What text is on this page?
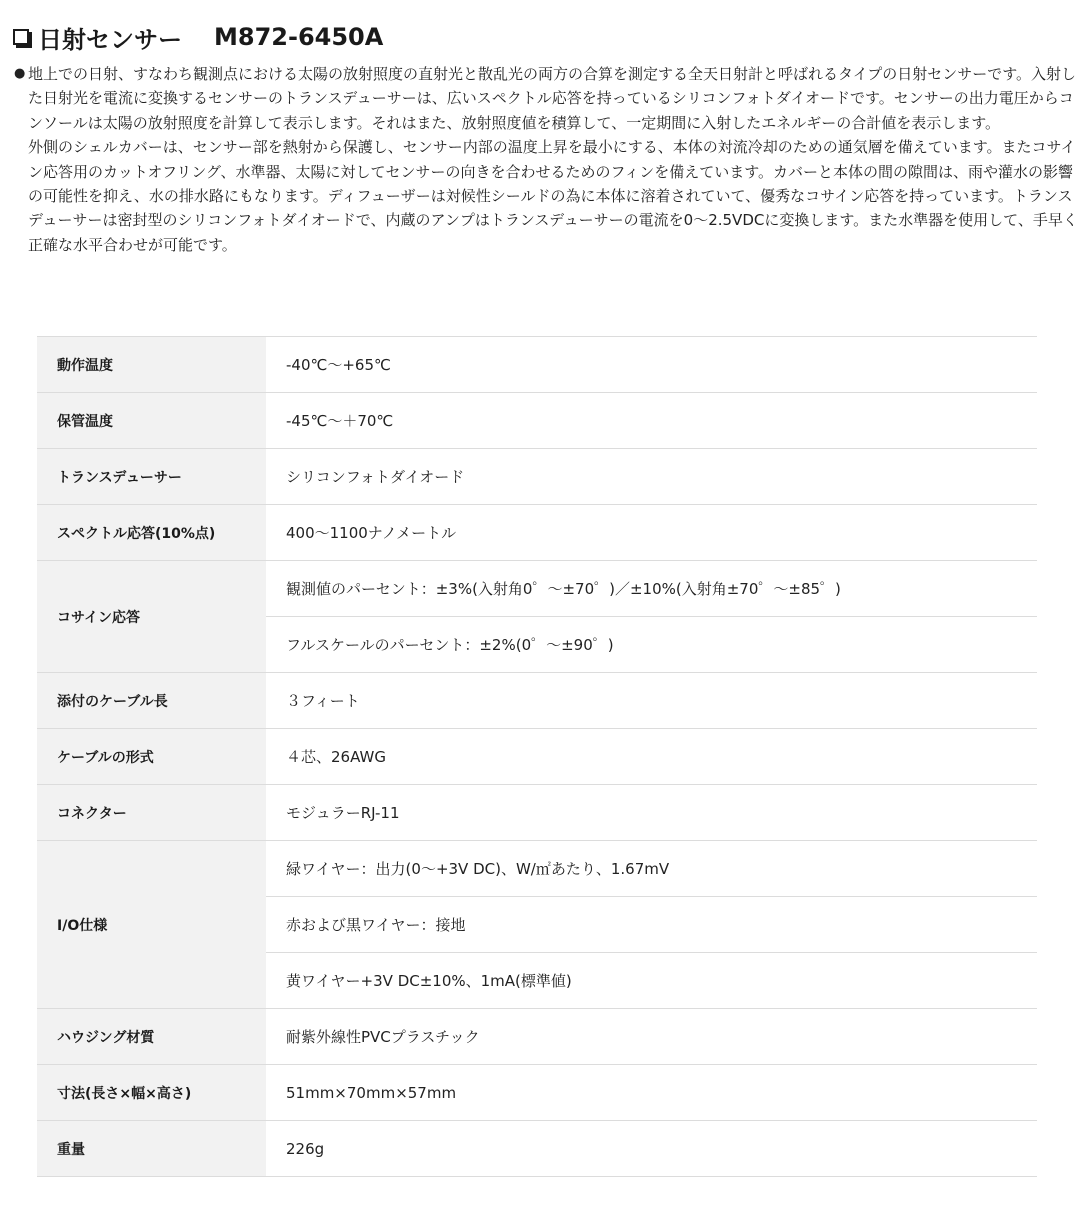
日射センサー M872-6450A
● 地上での日射、すなわち観測点における太陽の放射照度の直射光と散乱光の両方の合算を測定する全天日射計と呼ばれるタイプの日射センサーです。入射した日射光を電流に変換するセンサーのトランスデューサーは、広いスペクトル応答を持っているシリコンフォトダイオードです。センサーの出力電圧からコンソールは太陽の放射照度を計算して表示します。それはまた、放射照度値を積算して、一定期間に入射したエネルギーの合計値を表示します。
外側のシェルカバーは、センサー部を熱射から保護し、センサー内部の温度上昇を最小にする、本体の対流冷却のための通気層を備えています。またコサイン応答用のカットオフリング、水準器、太陽に対してセンサーの向きを合わせるためのフィンを備えています。カバーと本体の間の隙間は、雨や灌水の影響の可能性を抑え、水の排水路にもなります。ディフューザーは対候性シールドの為に本体に溶着されていて、優秀なコサイン応答を持っています。トランスデューサーは密封型のシリコンフォトダイオードで、内蔵のアンプはトランスデューサーの電流を0〜2.5VDCに変換します。また水準器を使用して、手早く正確な水平合わせが可能です。
動作温度	-40℃〜+65℃
保管温度	-45℃〜＋70℃
トランスデューサー	シリコンフォトダイオード
スペクトル応答(10%点)	400〜1100ナノメートル
コサイン応答	観測値のパーセント：±3%(入射角0゜〜±70゜)／±10%(入射角±70゜〜±85゜)
	フルスケールのパーセント：±2%(0゜〜±90゜)
添付のケーブル長	３フィート
ケーブルの形式	４芯、26AWG
コネクター	モジュラーRJ-11
I/O仕様	緑ワイヤー：出力(0〜+3V DC)、W/㎡あたり、1.67mV
	赤および黒ワイヤー：接地
	黄ワイヤー+3V DC±10%、1mA(標準値)
ハウジング材質	耐紫外線性PVCプラスチック
寸法(長さ×幅×高さ)	51mm×70mm×57mm
重量	226g
